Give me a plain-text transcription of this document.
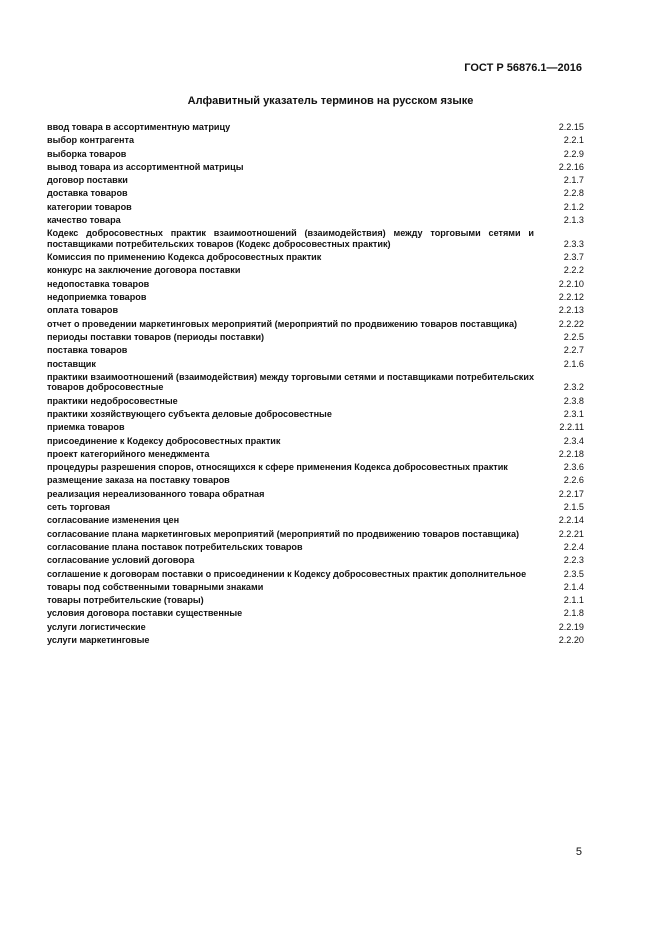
ГОСТ Р 56876.1—2016
Алфавитный указатель терминов на русском языке
ввод товара в ассортиментную матрицу	2.2.15
выбор контрагента	2.2.1
выборка товаров	2.2.9
вывод товара из ассортиментной матрицы	2.2.16
договор поставки	2.1.7
доставка товаров	2.2.8
категории товаров	2.1.2
качество товара	2.1.3
Кодекс добросовестных практик взаимоотношений (взаимодействия) между торговыми сетями и поставщиками потребительских товаров (Кодекс добросовестных практик)	2.3.3
Комиссия по применению Кодекса добросовестных практик	2.3.7
конкурс на заключение договора поставки	2.2.2
недопоставка товаров	2.2.10
недоприемка товаров	2.2.12
оплата товаров	2.2.13
отчет о проведении маркетинговых мероприятий (мероприятий по продвижению товаров поставщика)	2.2.22
периоды поставки товаров (периоды поставки)	2.2.5
поставка товаров	2.2.7
поставщик	2.1.6
практики взаимоотношений (взаимодействия) между торговыми сетями и поставщиками потребительских товаров добросовестные	2.3.2
практики недобросовестные	2.3.8
практики хозяйствующего субъекта деловые добросовестные	2.3.1
приемка товаров	2.2.11
присоединение к Кодексу добросовестных практик	2.3.4
проект категорийного менеджмента	2.2.18
процедуры разрешения споров, относящихся к сфере применения Кодекса добросовестных практик	2.3.6
размещение заказа на поставку товаров	2.2.6
реализация нереализованного товара обратная	2.2.17
сеть торговая	2.1.5
согласование изменения цен	2.2.14
согласование плана маркетинговых мероприятий (мероприятий по продвижению товаров поставщика)	2.2.21
согласование плана поставок потребительских товаров	2.2.4
согласование условий договора	2.2.3
соглашение к договорам поставки о присоединении к Кодексу добросовестных практик дополнительное	2.3.5
товары под собственными товарными знаками	2.1.4
товары потребительские (товары)	2.1.1
условия договора поставки существенные	2.1.8
услуги логистические	2.2.19
услуги маркетинговые	2.2.20
5
